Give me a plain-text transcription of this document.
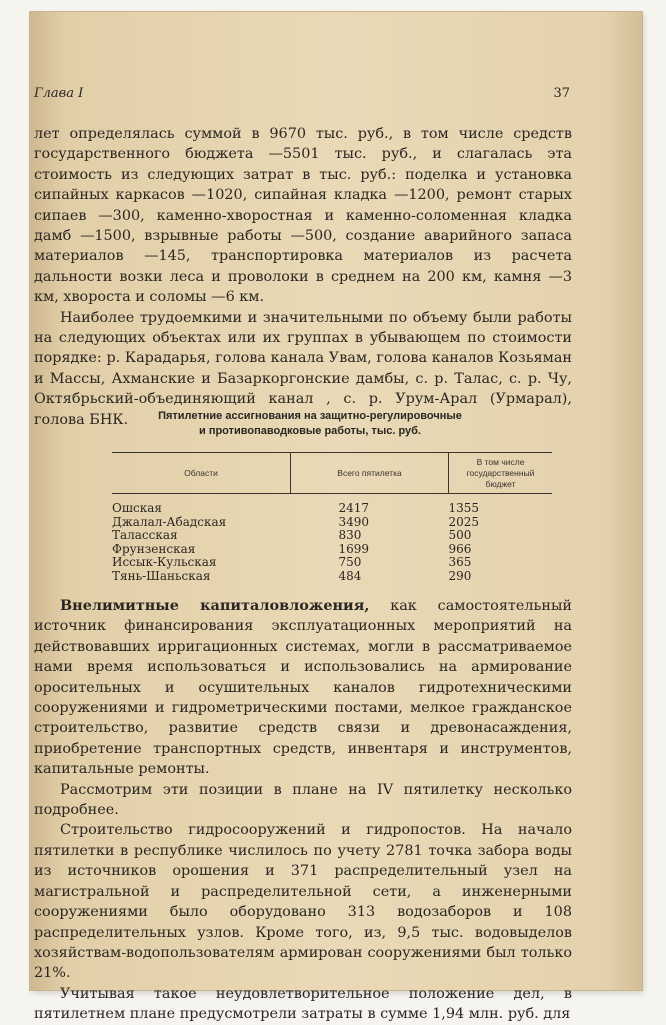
Глава I	37

лет определялась суммой в 9670 тыс. руб., в том числе средств государственного бюджета —5501 тыс. руб., и слагалась эта стоимость из следующих затрат в тыс. руб.: поделка и установка сипайных каркасов —1020, сипайная кладка —1200, ремонт старых сипаев —300, каменно-хворостная и каменно-соломенная кладка дамб —1500, взрывные работы —500, создание аварийного запаса материалов —145, транспортировка материалов из расчета дальности возки леса и проволоки в среднем на 200 км, камня —3 км, хвороста и соломы —6 км.

Наиболее трудоемкими и значительными по объему были работы на следующих объектах или их группах в убывающем по стоимости порядке: р. Карадарья, голова канала Увам, голова каналов Козьяман и Массы, Ахманские и Базаркоргонские дамбы, с. р. Талас, с. р. Чу, Октябрьский-объединяющий канал , с. р. Урум-Арал (Урмарал), голова БНК.	Пятилетние ассигнования на защитно-регулировочные
и противопаводковые работы, тыс. руб.
Области	Всего пятилетка	В том числе государственный бюджет
Ошская	2417	1355
Джалал-Абадская	3490	2025
Таласская	830	500
Фрунзенская	1699	966
Иссык-Кульская	750	365
Тянь-Шаньская	484	290

Внелимитные капиталовложения, как самостоятельный источник финансирования эксплуатационных мероприятий на действовавших ирригационных системах, могли в рассматриваемое нами время использоваться и использовались на армирование оросительных и осушительных каналов гидротехническими сооружениями и гидрометрическими постами, мелкое гражданское строительство, развитие средств связи и древонасаждения, приобретение транспортных средств, инвентаря и инструментов, капитальные ремонты.

Рассмотрим эти позиции в плане на IV пятилетку несколько подробнее.

Строительство гидросооружений и гидропостов. На начало пятилетки в республике числилось по учету 2781 точка забора воды из источников орошения и 371 распределительный узел на магистральной и распределительной сети, а инженерными сооружениями было оборудовано 313 водозаборов и 108 распределительных узлов. Кроме того, из, 9,5 тыс. водовыделов хозяйствам-водопользователям армирован сооружениями был только 21%.

Учитывая такое неудовлетворительное положение дел, в пятилетнем плане предусмотрели затраты в сумме 1,94 млн. руб. для
